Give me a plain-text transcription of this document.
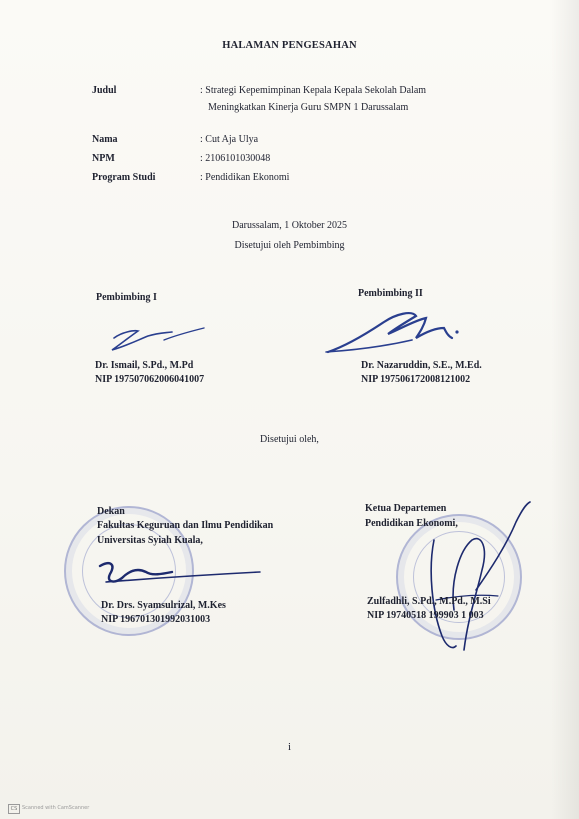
HALAMAN PENGESAHAN
Judul	: Strategi Kepemimpinan Kepala Kepala Sekolah Dalam
Meningkatkan Kinerja Guru SMPN 1 Darussalam
Nama	: Cut Aja Ulya
NPM	: 2106101030048
Program Studi	: Pendidikan Ekonomi
Darussalam, 1 Oktober 2025
Disetujui oleh Pembimbing
Pembimbing I
Dr. Ismail, S.Pd., M.Pd
NIP 197507062006041007
Pembimbing II
Dr. Nazaruddin, S.E., M.Ed.
NIP 197506172008121002
Disetujui oleh,
Dekan
Fakultas Keguruan dan Ilmu Pendidikan
Universitas Syiah Kuala,
Dr. Drs. Syamsulrizal, M.Kes
NIP 196701301992031003
Ketua Departemen
Pendidikan Ekonomi,
Zulfadhli, S.Pd., M.Pd., M.Si
NIP 19740518 199903 1 003
i
CS Scanned with CamScanner
